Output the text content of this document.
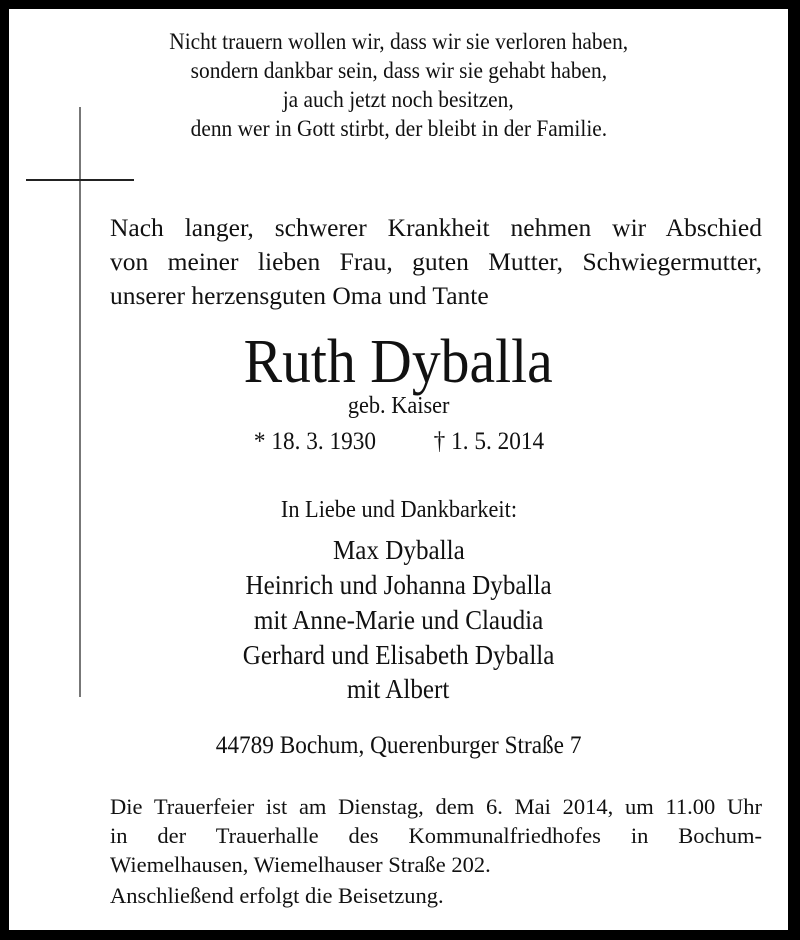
Nicht trauern wollen wir, dass wir sie verloren haben,
sondern dankbar sein, dass wir sie gehabt haben,
ja auch jetzt noch besitzen,
denn wer in Gott stirbt, der bleibt in der Familie.
Nach langer, schwerer Krankheit nehmen wir Abschied
von meiner lieben Frau, guten Mutter, Schwiegermutter,
unserer herzensguten Oma und Tante
Ruth Dyballa
geb. Kaiser
* 18. 3. 1930 † 1. 5. 2014
In Liebe und Dankbarkeit:
Max Dyballa
Heinrich und Johanna Dyballa
mit Anne-Marie und Claudia
Gerhard und Elisabeth Dyballa
mit Albert
44789 Bochum, Querenburger Straße 7
Die Trauerfeier ist am Dienstag, dem 6. Mai 2014, um 11.00 Uhr
in der Trauerhalle des Kommunalfriedhofes in Bochum-
Wiemelhausen, Wiemelhauser Straße 202.
Anschließend erfolgt die Beisetzung.
